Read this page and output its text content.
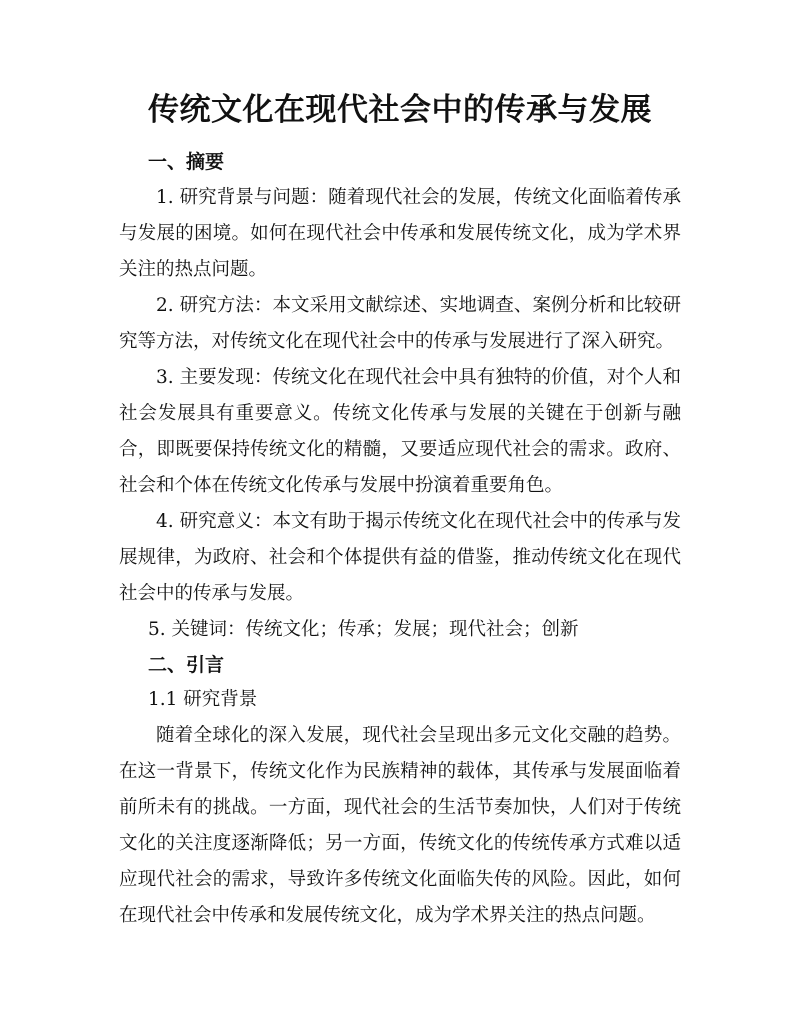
传统文化在现代社会中的传承与发展
一、摘要

1. 研究背景与问题：随着现代社会的发展，传统文化面临着传承与发展的困境。如何在现代社会中传承和发展传统文化，成为学术界关注的热点问题。

2. 研究方法：本文采用文献综述、实地调查、案例分析和比较研究等方法，对传统文化在现代社会中的传承与发展进行了深入研究。

3. 主要发现：传统文化在现代社会中具有独特的价值，对个人和社会发展具有重要意义。传统文化传承与发展的关键在于创新与融合，即既要保持传统文化的精髓，又要适应现代社会的需求。政府、社会和个体在传统文化传承与发展中扮演着重要角色。

4. 研究意义：本文有助于揭示传统文化在现代社会中的传承与发展规律，为政府、社会和个体提供有益的借鉴，推动传统文化在现代社会中的传承与发展。

5. 关键词：传统文化；传承；发展；现代社会；创新

二、引言

1.1 研究背景

随着全球化的深入发展，现代社会呈现出多元文化交融的趋势。在这一背景下，传统文化作为民族精神的载体，其传承与发展面临着前所未有的挑战。一方面，现代社会的生活节奏加快，人们对于传统文化的关注度逐渐降低；另一方面，传统文化的传统传承方式难以适应现代社会的需求，导致许多传统文化面临失传的风险。因此，如何在现代社会中传承和发展传统文化，成为学术界关注的热点问题。
